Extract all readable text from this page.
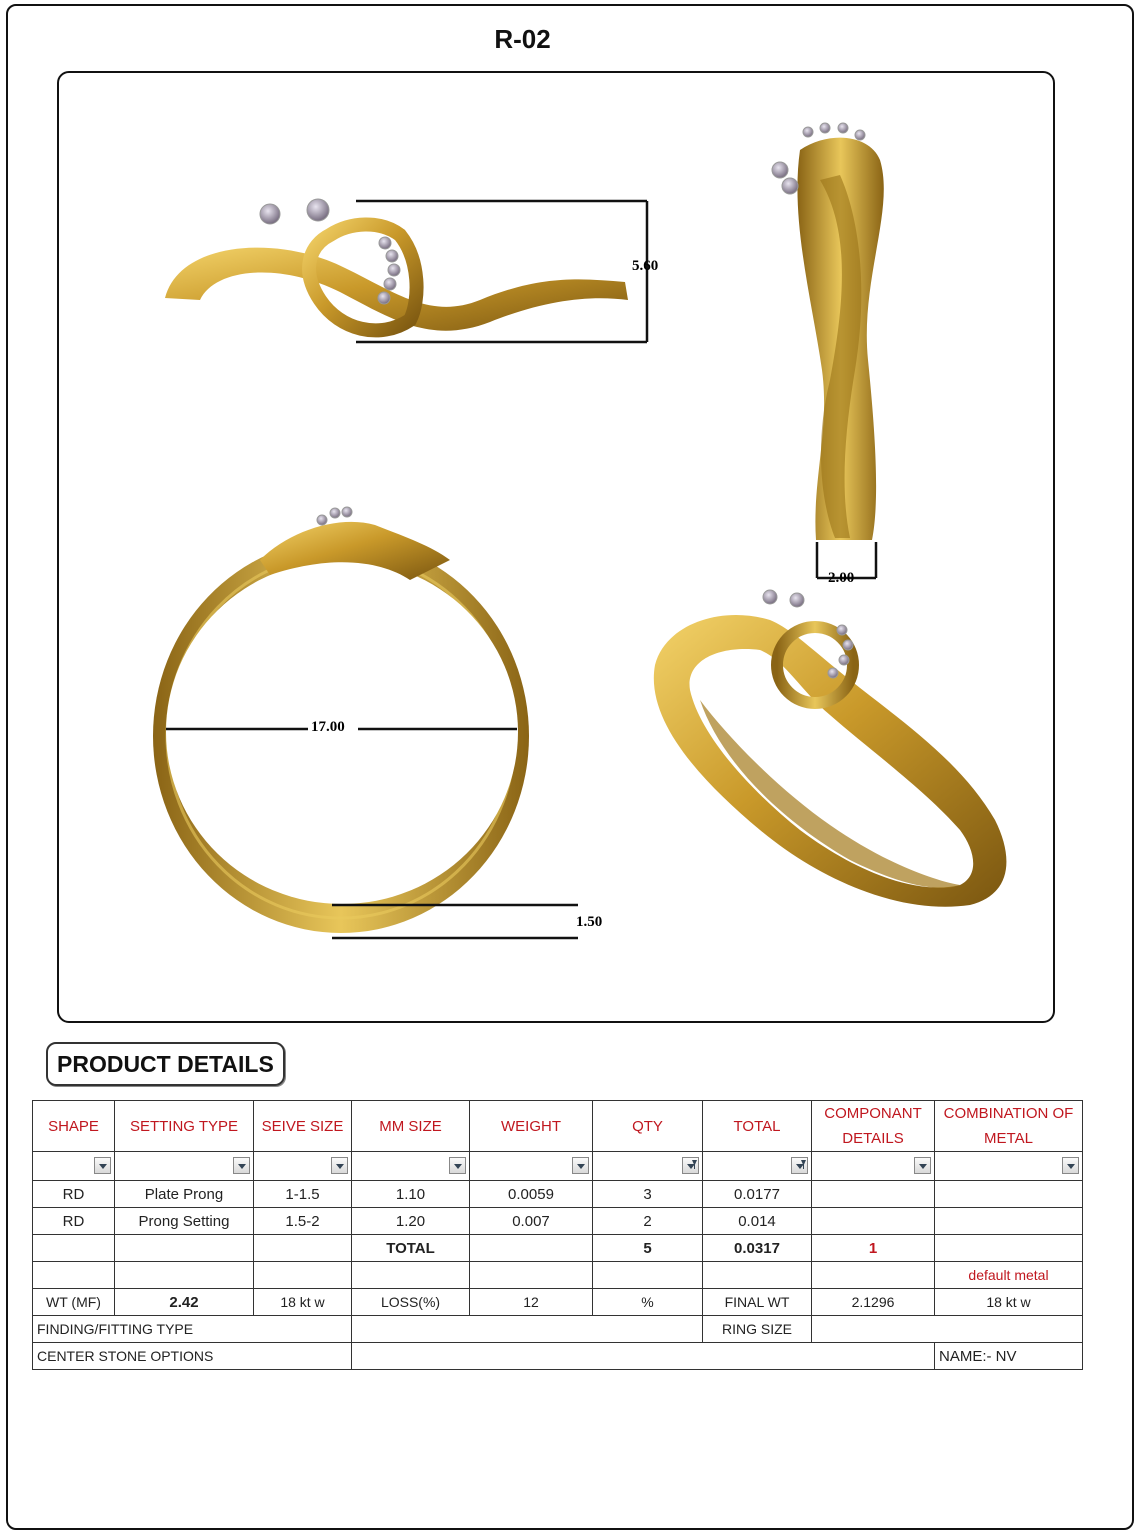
R-02
5.60
2.00
17.00
1.50
PRODUCT DETAILS
SHAPE	SETTING TYPE	SEIVE SIZE	MM SIZE	WEIGHT	QTY	TOTAL	COMPONANT DETAILS	COMBINATION OF METAL

RD	Plate Prong	1-1.5	1.10	0.0059	3	0.0177		
RD	Prong Setting	1.5-2	1.20	0.007	2	0.014		
			TOTAL		5	0.0317	1	
								default metal
WT (MF)	2.42	18 kt w	LOSS(%)	12	%	FINAL WT	2.1296	18 kt w
FINDING/FITTING TYPE						RING SIZE		
CENTER STONE OPTIONS								NAME:- NV
